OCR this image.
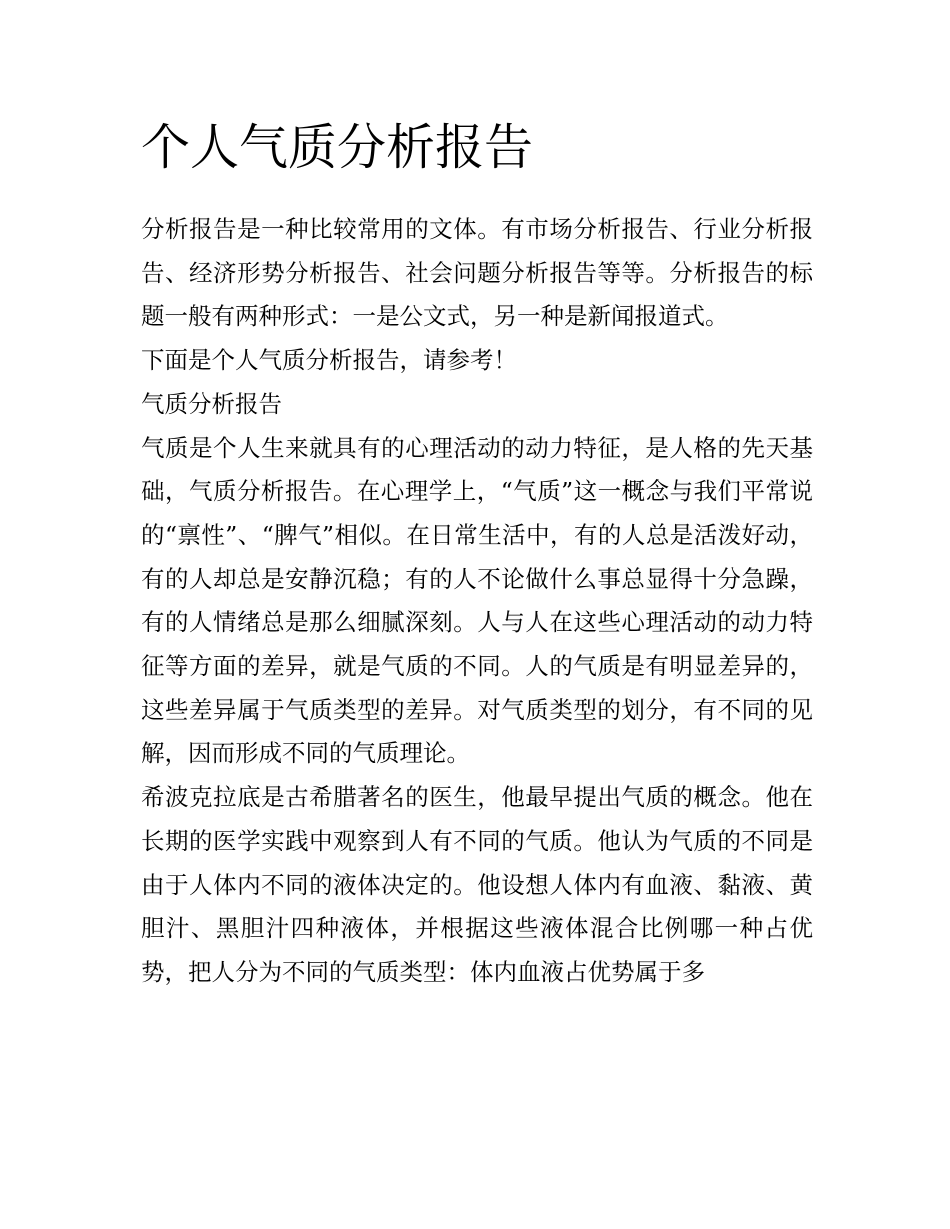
个人气质分析报告

分析报告是一种比较常用的文体。有市场分析报告、行业分析报告、经济形势分析报告、社会问题分析报告等等。分析报告的标题一般有两种形式：一是公文式，另一种是新闻报道式。

下面是个人气质分析报告，请参考！

气质分析报告

气质是个人生来就具有的心理活动的动力特征，是人格的先天基础，气质分析报告。在心理学上，“气质”这一概念与我们平常说的“禀性”、“脾气”相似。在日常生活中，有的人总是活泼好动，有的人却总是安静沉稳；有的人不论做什么事总显得十分急躁，有的人情绪总是那么细腻深刻。人与人在这些心理活动的动力特征等方面的差异，就是气质的不同。人的气质是有明显差异的，这些差异属于气质类型的差异。对气质类型的划分，有不同的见解，因而形成不同的气质理论。

希波克拉底是古希腊著名的医生，他最早提出气质的概念。他在长期的医学实践中观察到人有不同的气质。他认为气质的不同是由于人体内不同的液体决定的。他设想人体内有血液、黏液、黄胆汁、黑胆汁四种液体，并根据这些液体混合比例哪一种占优势，把人分为不同的气质类型：体内血液占优势属于多
